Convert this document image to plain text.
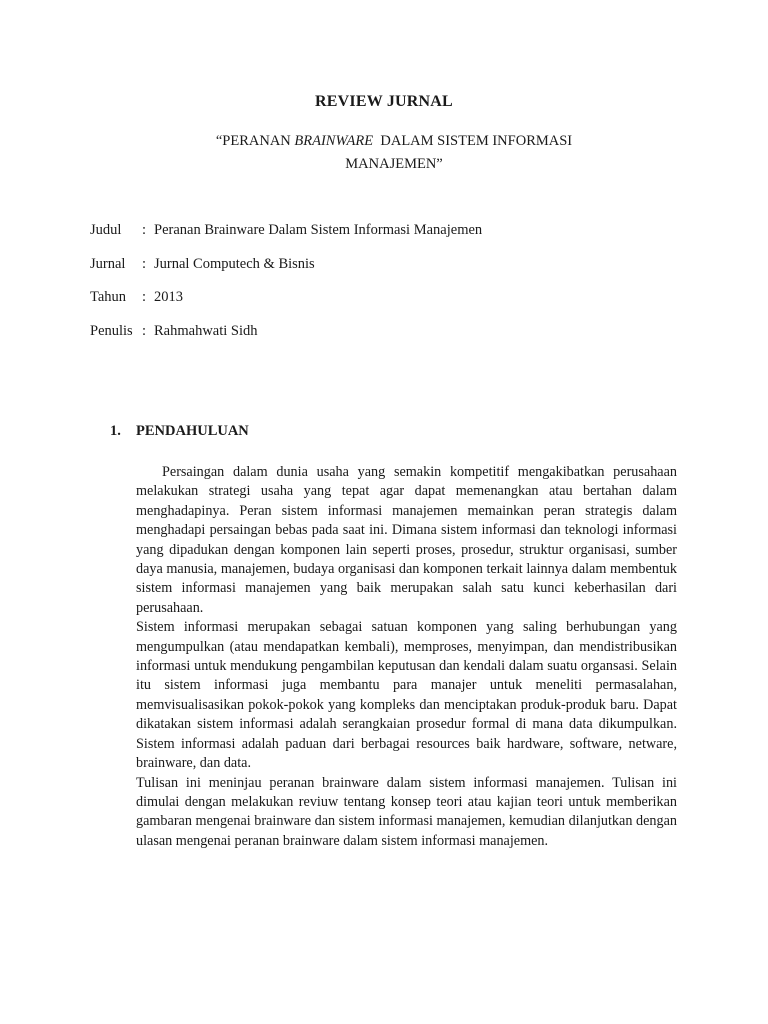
REVIEW JURNAL
“PERANAN BRAINWARE  DALAM SISTEM INFORMASI
MANAJEMEN”
Judul	: Peranan Brainware Dalam Sistem Informasi Manajemen
Jurnal	: Jurnal Computech & Bisnis
Tahun	: 2013
Penulis : Rahmahwati Sidh
1. PENDAHULUAN

Persaingan dalam dunia usaha yang semakin kompetitif mengakibatkan perusahaan melakukan strategi usaha yang tepat agar dapat memenangkan atau bertahan dalam menghadapinya. Peran sistem informasi manajemen memainkan peran strategis dalam menghadapi persaingan bebas pada saat ini. Dimana sistem informasi dan teknologi informasi yang dipadukan dengan komponen lain seperti proses, prosedur, struktur organisasi, sumber daya manusia, manajemen, budaya organisasi dan komponen terkait lainnya dalam membentuk sistem informasi manajemen yang baik merupakan salah satu kunci keberhasilan dari perusahaan.

Sistem informasi merupakan sebagai satuan komponen yang saling berhubungan yang mengumpulkan (atau mendapatkan kembali), memproses, menyimpan, dan mendistribusikan informasi untuk mendukung pengambilan keputusan dan kendali dalam suatu organsasi. Selain itu sistem informasi juga membantu para manajer untuk meneliti permasalahan, memvisualisasikan pokok-pokok yang kompleks dan menciptakan produk-produk baru. Dapat dikatakan sistem informasi adalah serangkaian prosedur formal di mana data dikumpulkan. Sistem informasi adalah paduan dari berbagai resources baik hardware, software, netware, brainware, dan data.

Tulisan ini meninjau peranan brainware dalam sistem informasi manajemen. Tulisan ini dimulai dengan melakukan reviuw tentang konsep teori atau kajian teori untuk memberikan gambaran mengenai brainware dan sistem informasi manajemen, kemudian dilanjutkan dengan ulasan mengenai peranan brainware dalam sistem informasi manajemen.
